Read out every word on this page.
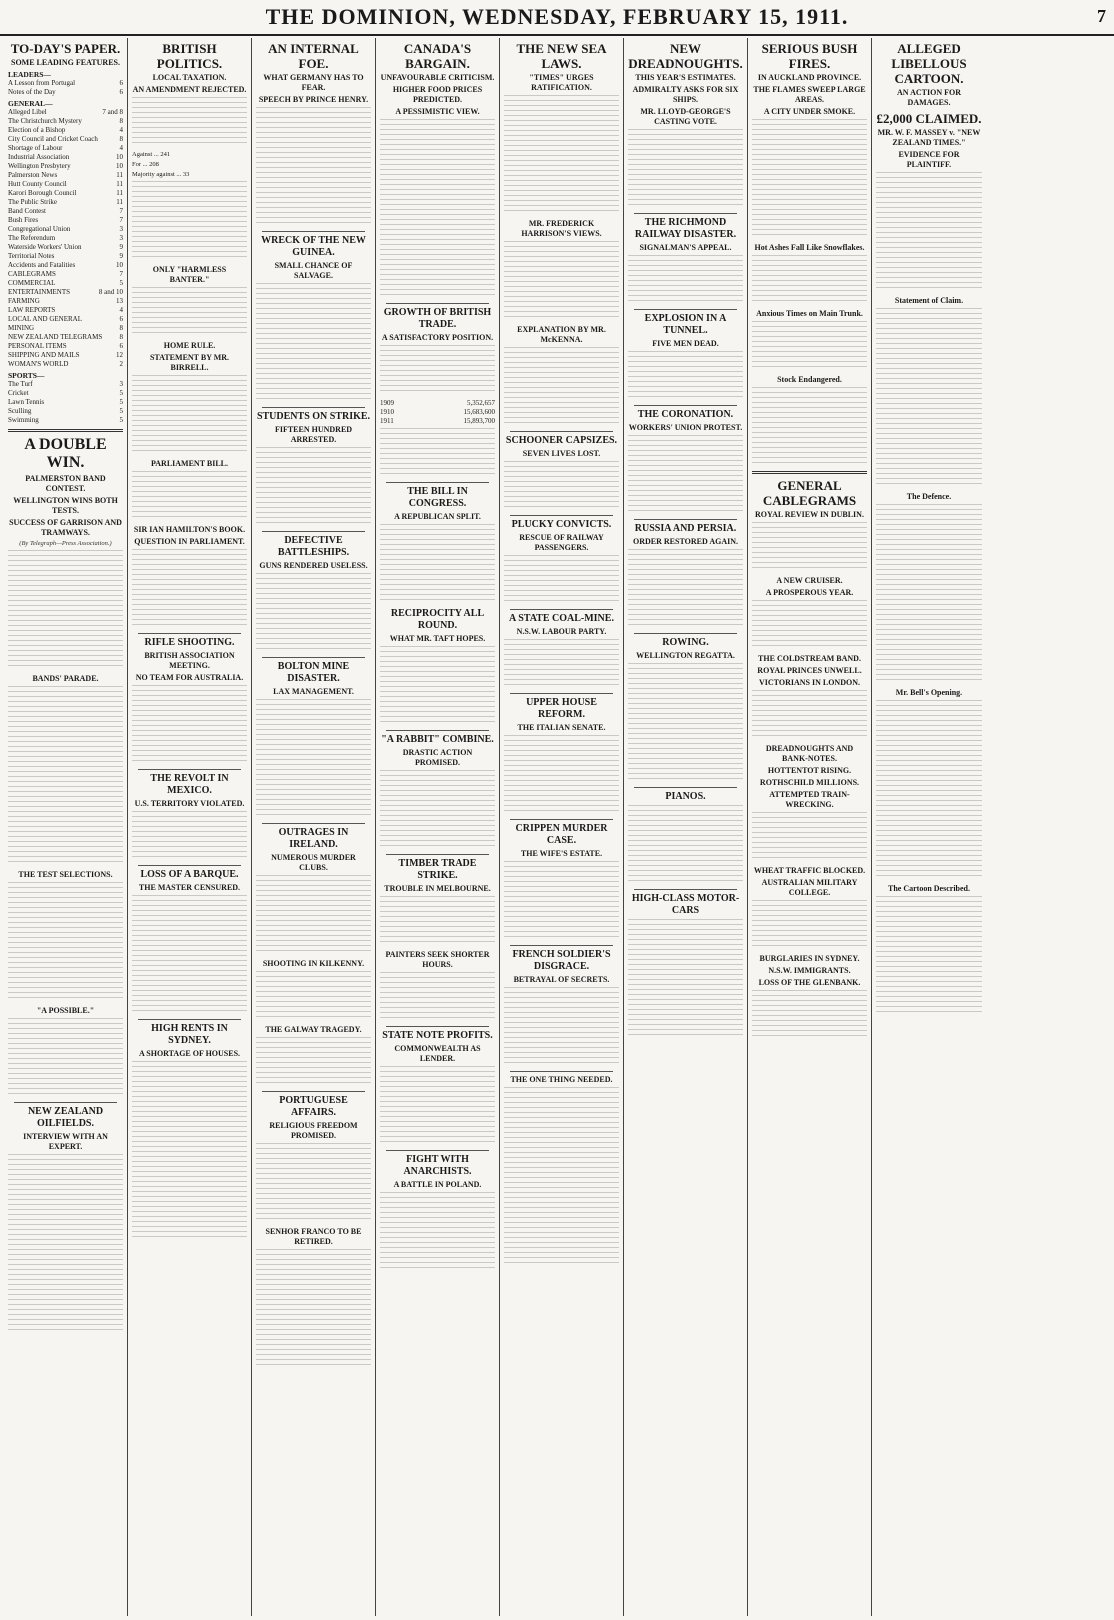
THE DOMINION, WEDNESDAY, FEBRUARY 15, 1911.	7
TO-DAY'S PAPER.
SOME LEADING FEATURES.
LEADERS—
A Lesson from Portugal	6
Notes of the Day	6
GENERAL—
Alleged Libel	7 and 8
The Christchurch Mystery	8
Election of a Bishop	4
City Council and Cricket Coach	8
Shortage of Labour	4
Industrial Association	10
Wellington Presbytery	10
Palmerston News	11
Hutt County Council	11
Karori Borough Council	11
The Public Strike	11
Band Contest	7
Bush Fires	7
Congregational Union	3
The Referendum	3
Waterside Workers' Union	9
Territorial Notes	9
Accidents and Fatalities	10
CABLEGRAMS	7
COMMERCIAL	5
ENTERTAINMENTS	8 and 10
FARMING	13
LAW REPORTS	4
LOCAL AND GENERAL	6
MINING	8
NEW ZEALAND TELEGRAMS 8
PERSONAL ITEMS	6
SHIPPING AND MAILS	12
WOMAN'S WORLD	2
SPORTS—
The Turf	3
Cricket	5
Lawn Tennis	5
Sculling	5
Swimming	5
A DOUBLE WIN.
PALMERSTON BAND CONTEST.
WELLINGTON WINS BOTH TESTS.
SUCCESS OF GARRISON AND TRAMWAYS.
(By Telegraph—Press Association.)
BANDS' PARADE.
THE TEST SELECTIONS.
"A POSSIBLE."
NEW ZEALAND OILFIELDS.
INTERVIEW WITH AN EXPERT.
BRITISH POLITICS.
LOCAL TAXATION.
AN AMENDMENT REJECTED.
Against ... 241
For ... 208
Majority against ... 33
ONLY "HARMLESS BANTER."
HOME RULE.
STATEMENT BY MR. BIRRELL.
PARLIAMENT BILL.
SIR IAN HAMILTON'S BOOK.
QUESTION IN PARLIAMENT.
RIFLE SHOOTING.
BRITISH ASSOCIATION MEETING.
NO TEAM FOR AUSTRALIA.
THE REVOLT IN MEXICO.
U.S. TERRITORY VIOLATED.
LOSS OF A BARQUE.
THE MASTER CENSURED.
HIGH RENTS IN SYDNEY.
A SHORTAGE OF HOUSES.
AN INTERNAL FOE.
WHAT GERMANY HAS TO FEAR.
SPEECH BY PRINCE HENRY.
WRECK OF THE NEW GUINEA.
SMALL CHANCE OF SALVAGE.
STUDENTS ON STRIKE.
FIFTEEN HUNDRED ARRESTED.
DEFECTIVE BATTLESHIPS.
GUNS RENDERED USELESS.
BOLTON MINE DISASTER.
LAX MANAGEMENT.
OUTRAGES IN IRELAND.
NUMEROUS MURDER CLUBS.
SHOOTING IN KILKENNY.
THE GALWAY TRAGEDY.
PORTUGUESE AFFAIRS.
RELIGIOUS FREEDOM PROMISED.
SENHOR FRANCO TO BE RETIRED.
CANADA'S BARGAIN.
UNFAVOURABLE CRITICISM.
HIGHER FOOD PRICES PREDICTED.
A PESSIMISTIC VIEW.
GROWTH OF BRITISH TRADE.
A SATISFACTORY POSITION.
1909	5,352,657
1910	15,683,600
1911	15,893,700
THE BILL IN CONGRESS.
A REPUBLICAN SPLIT.
RECIPROCITY ALL ROUND.
WHAT MR. TAFT HOPES.
"A RABBIT" COMBINE.
DRASTIC ACTION PROMISED.
TIMBER TRADE STRIKE.
TROUBLE IN MELBOURNE.
PAINTERS SEEK SHORTER HOURS.
STATE NOTE PROFITS.
COMMONWEALTH AS LENDER.
FIGHT WITH ANARCHISTS.
A BATTLE IN POLAND.
THE NEW SEA LAWS.
"TIMES" URGES RATIFICATION.
MR. FREDERICK HARRISON'S VIEWS.
EXPLANATION BY MR. McKENNA.
SCHOONER CAPSIZES.
SEVEN LIVES LOST.
PLUCKY CONVICTS.
RESCUE OF RAILWAY PASSENGERS.
A STATE COAL-MINE.
N.S.W. LABOUR PARTY.
UPPER HOUSE REFORM.
THE ITALIAN SENATE.
CRIPPEN MURDER CASE.
THE WIFE'S ESTATE.
FRENCH SOLDIER'S DISGRACE.
BETRAYAL OF SECRETS.
THE ONE THING NEEDED.
NEW DREADNOUGHTS.
THIS YEAR'S ESTIMATES.
ADMIRALTY ASKS FOR SIX SHIPS.
MR. LLOYD-GEORGE'S CASTING VOTE.
THE RICHMOND RAILWAY DISASTER.
SIGNALMAN'S APPEAL.
EXPLOSION IN A TUNNEL.
FIVE MEN DEAD.
THE CORONATION.
WORKERS' UNION PROTEST.
RUSSIA AND PERSIA.
ORDER RESTORED AGAIN.
ROWING.
WELLINGTON REGATTA.
PIANOS.
HIGH-CLASS MOTOR-CARS
SERIOUS BUSH FIRES.
IN AUCKLAND PROVINCE.
THE FLAMES SWEEP LARGE AREAS.
A CITY UNDER SMOKE.
Hot Ashes Fall Like Snowflakes.
Anxious Times on Main Trunk.
Stock Endangered.
GENERAL CABLEGRAMS
ROYAL REVIEW IN DUBLIN.
A NEW CRUISER.
A PROSPEROUS YEAR.
THE COLDSTREAM BAND.
ROYAL PRINCES UNWELL.
VICTORIANS IN LONDON.
DREADNOUGHTS AND BANK-NOTES.
HOTTENTOT RISING.
ROTHSCHILD MILLIONS.
ATTEMPTED TRAIN-WRECKING.
WHEAT TRAFFIC BLOCKED.
AUSTRALIAN MILITARY COLLEGE.
BURGLARIES IN SYDNEY.
N.S.W. IMMIGRANTS.
LOSS OF THE GLENBANK.
ALLEGED LIBELLOUS CARTOON.
AN ACTION FOR DAMAGES.
£2,000 CLAIMED.
MR. W. F. MASSEY v. "NEW ZEALAND TIMES."
EVIDENCE FOR PLAINTIFF.
Statement of Claim.
The Defence.
Mr. Bell's Opening.
The Cartoon Described.
